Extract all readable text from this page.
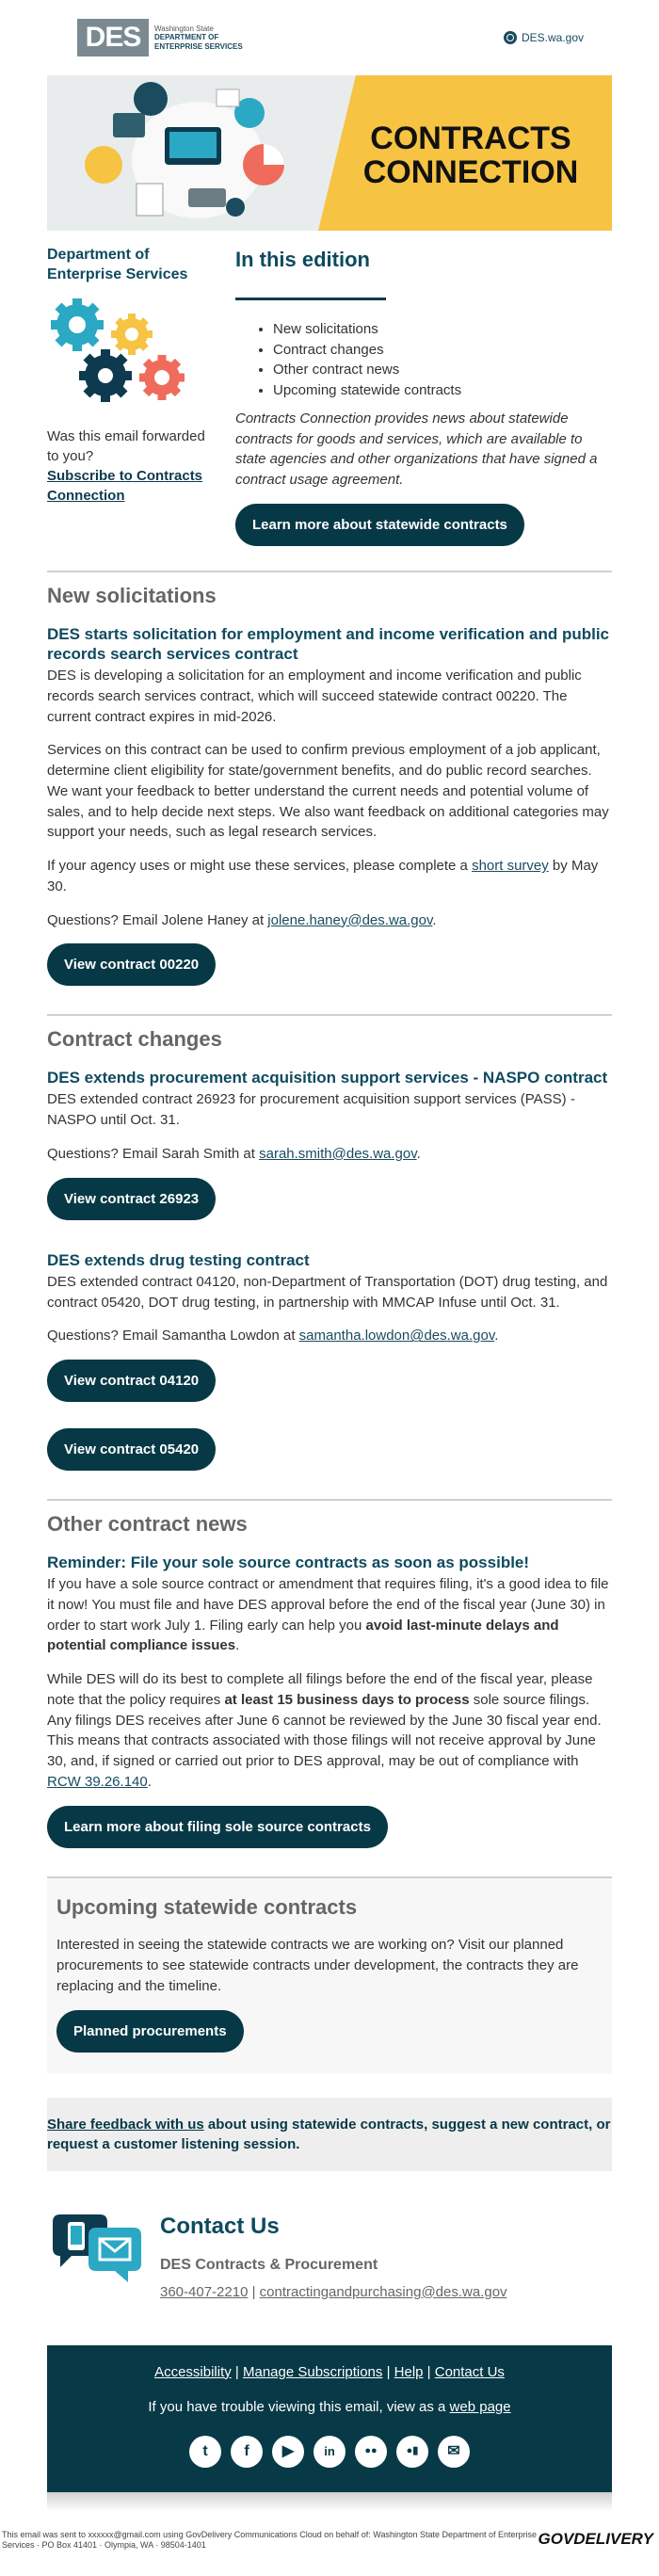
DES	Washington State
DEPARTMENT OF
ENTERPRISE SERVICES
DES.wa.gov
CONTRACTS
CONNECTION
Department of
Enterprise Services
Was this email forwarded to you?
Subscribe to Contracts Connection
In this edition
• New solicitations
• Contract changes
• Other contract news
• Upcoming statewide contracts

Contracts Connection provides news about statewide contracts for goods and services, which are available to state agencies and other organizations that have signed a contract usage agreement.

Learn more about statewide contracts
New solicitations
DES starts solicitation for employment and income verification and public records search services contract

DES is developing a solicitation for an employment and income verification and public records search services contract, which will succeed statewide contract 00220. The current contract expires in mid-2026.

Services on this contract can be used to confirm previous employment of a job applicant, determine client eligibility for state/government benefits, and do public record searches. We want your feedback to better understand the current needs and potential volume of sales, and to help decide next steps. We also want feedback on additional categories may support your needs, such as legal research services.

If your agency uses or might use these services, please complete a short survey by May 30.

Questions? Email Jolene Haney at jolene.haney@des.wa.gov.

View contract 00220
Contract changes
DES extends procurement acquisition support services - NASPO contract

DES extended contract 26923 for procurement acquisition support services (PASS) - NASPO until Oct. 31.

Questions? Email Sarah Smith at sarah.smith@des.wa.gov.

View contract 26923
DES extends drug testing contract

DES extended contract 04120, non-Department of Transportation (DOT) drug testing, and contract 05420, DOT drug testing, in partnership with MMCAP Infuse until Oct. 31.

Questions? Email Samantha Lowdon at samantha.lowdon@des.wa.gov.

View contract 04120
View contract 05420
Other contract news
Reminder: File your sole source contracts as soon as possible!

If you have a sole source contract or amendment that requires filing, it's a good idea to file it now! You must file and have DES approval before the end of the fiscal year (June 30) in order to start work July 1. Filing early can help you avoid last-minute delays and potential compliance issues.

While DES will do its best to complete all filings before the end of the fiscal year, please note that the policy requires at least 15 business days to process sole source filings. Any filings DES receives after June 6 cannot be reviewed by the June 30 fiscal year end. This means that contracts associated with those filings will not receive approval by June 30, and, if signed or carried out prior to DES approval, may be out of compliance with RCW 39.26.140.

Learn more about filing sole source contracts
Upcoming statewide contracts

Interested in seeing the statewide contracts we are working on? Visit our planned procurements to see statewide contracts under development, the contracts they are replacing and the timeline.

Planned procurements
Share feedback with us about using statewide contracts, suggest a new contract, or request a customer listening session.
Contact Us
DES Contracts & Procurement
360-407-2210 | contractingandpurchasing@des.wa.gov
Accessibility | Manage Subscriptions | Help | Contact Us
If you have trouble viewing this email, view as a web page
t	f	▶	in	●●	●▮	✉
This email was sent to xxxxxx@gmail.com using GovDelivery Communications Cloud on behalf of: Washington State Department of Enterprise Services · PO Box 41401 · Olympia, WA · 98504-1401	GOVDELIVERY
